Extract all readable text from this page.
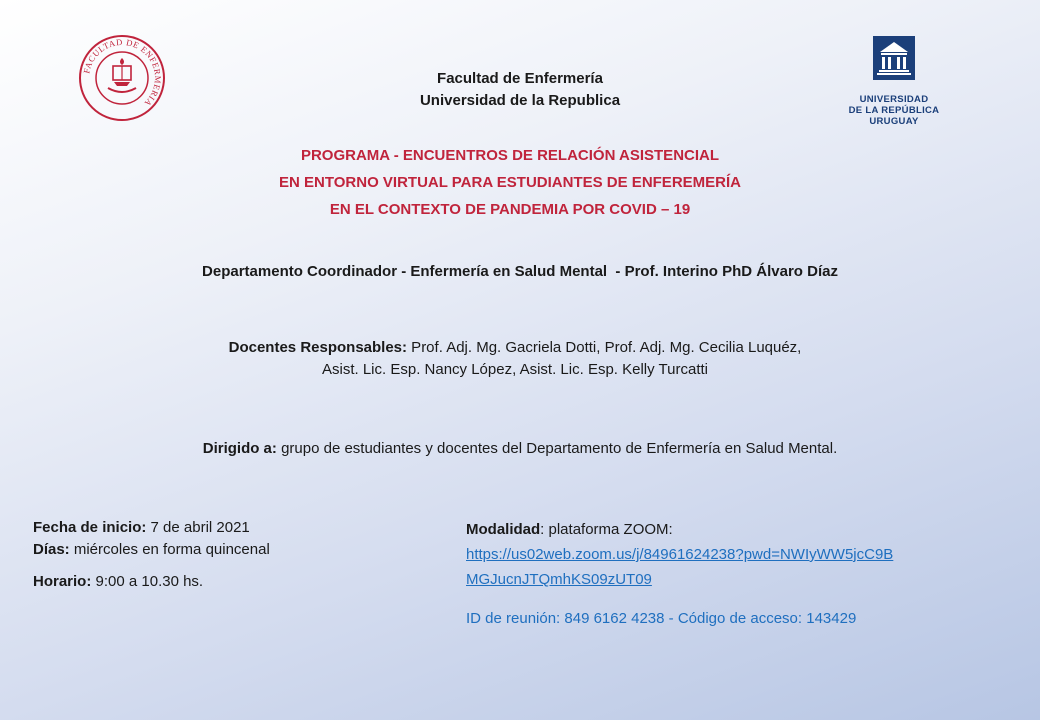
FACULTAD DE ENFERMERIA	UNIVERSIDAD
DE LA REPÚBLICA
URUGUAY
Facultad de Enfermería
Universidad de la Republica
PROGRAMA - ENCUENTROS DE RELACIÓN ASISTENCIAL
EN ENTORNO VIRTUAL PARA ESTUDIANTES DE ENFEREMERÍA
EN EL CONTEXTO DE PANDEMIA POR COVID – 19
Departamento Coordinador - Enfermería en Salud Mental  - Prof. Interino PhD Álvaro Díaz
Docentes Responsables: Prof. Adj. Mg. Gacriela Dotti, Prof. Adj. Mg. Cecilia Luquéz,
Asist. Lic. Esp. Nancy López, Asist. Lic. Esp. Kelly Turcatti
Dirigido a: grupo de estudiantes y docentes del Departamento de Enfermería en Salud Mental.
Fecha de inicio: 7 de abril 2021
Días: miércoles en forma quincenal
Horario: 9:00 a 10.30 hs.
Modalidad: plataforma ZOOM:
https://us02web.zoom.us/j/84961624238?pwd=NWIyWW5jcC9B
MGJucnJTQmhKS09zUT09
ID de reunión: 849 6162 4238 - Código de acceso: 143429
